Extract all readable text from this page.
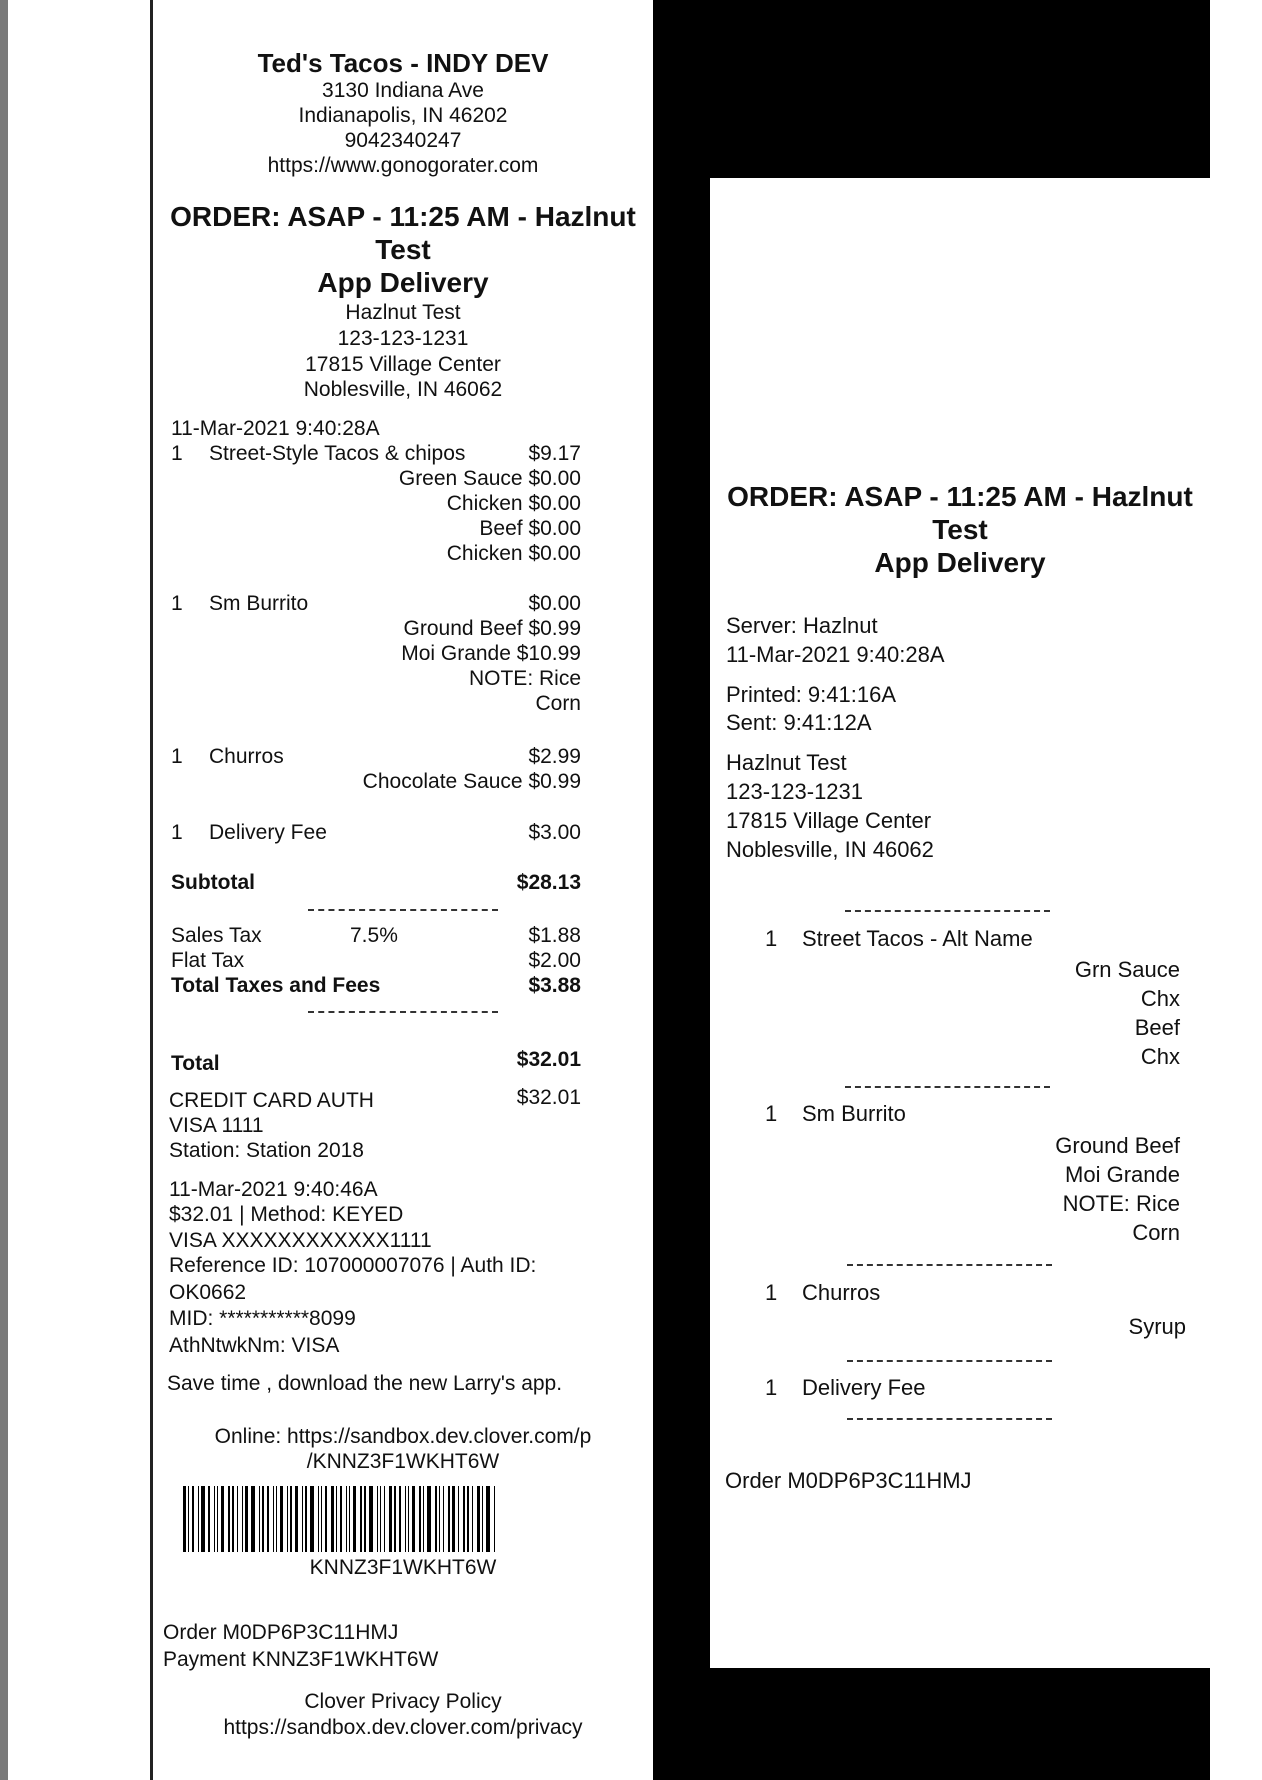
Ted's Tacos - INDY DEV
3130 Indiana Ave
Indianapolis, IN 46202
9042340247
https://www.gonogorater.com
ORDER: ASAP - 11:25 AM - Hazlnut
Test
App Delivery
Hazlnut Test
123-123-1231
17815 Village Center
Noblesville, IN 46062
11-Mar-2021 9:40:28A
1 Street-Style Tacos & chipos	$9.17
Green Sauce $0.00
Chicken $0.00
Beef $0.00
Chicken $0.00
1 Sm Burrito	$0.00
Ground Beef $0.99
Moi Grande $10.99
NOTE: Rice
Corn
1 Churros	$2.99
Chocolate Sauce $0.99
1 Delivery Fee	$3.00
Subtotal	$28.13
Sales Tax	7.5%	$1.88
Flat Tax	$2.00
Total Taxes and Fees	$3.88
Total	$32.01
CREDIT CARD AUTH	$32.01
VISA 1111
Station: Station 2018
11-Mar-2021 9:40:46A
$32.01 | Method: KEYED
VISA XXXXXXXXXXXX1111
Reference ID: 107000007076 | Auth ID:
OK0662
MID: ***********8099
AthNtwkNm: VISA
Save time , download the new Larry's app.
Online: https://sandbox.dev.clover.com/p
/KNNZ3F1WKHT6W
KNNZ3F1WKHT6W
Order M0DP6P3C11HMJ
Payment KNNZ3F1WKHT6W
Clover Privacy Policy
https://sandbox.dev.clover.com/privacy
ORDER: ASAP - 11:25 AM - Hazlnut
Test
App Delivery
Server: Hazlnut
11-Mar-2021 9:40:28A
Printed: 9:41:16A
Sent: 9:41:12A
Hazlnut Test
123-123-1231
17815 Village Center
Noblesville, IN 46062
1 Street Tacos - Alt Name
Grn Sauce
Chx
Beef
Chx
1 Sm Burrito
Ground Beef
Moi Grande
NOTE: Rice
Corn
1 Churros
Syrup
1 Delivery Fee
Order M0DP6P3C11HMJ
